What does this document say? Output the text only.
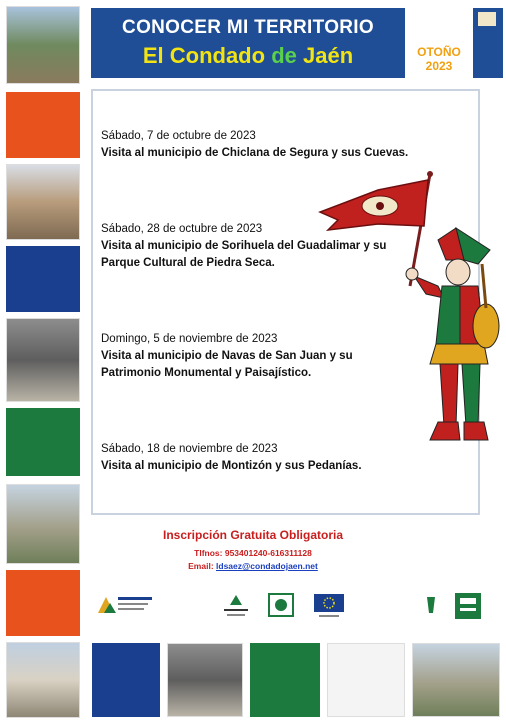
CONOCER MI TERRITORIO
El Condado de Jaén	OTOÑO
2023
Sábado, 7 de octubre de 2023
Visita al municipio de Chiclana de Segura y sus Cuevas.
Sábado, 28 de octubre de 2023
Visita al municipio de Sorihuela del Guadalimar y su Parque Cultural de Piedra Seca.
Domingo, 5 de noviembre de 2023
Visita al municipio de Navas de San Juan y su Patrimonio Monumental y Paisajístico.
Sábado, 18 de noviembre de 2023
Visita al municipio de Montizón y sus Pedanías.
Inscripción Gratuita Obligatoria
Tlfnos: 953401240-616311128
Email: ldsaez@condadojaen.net
